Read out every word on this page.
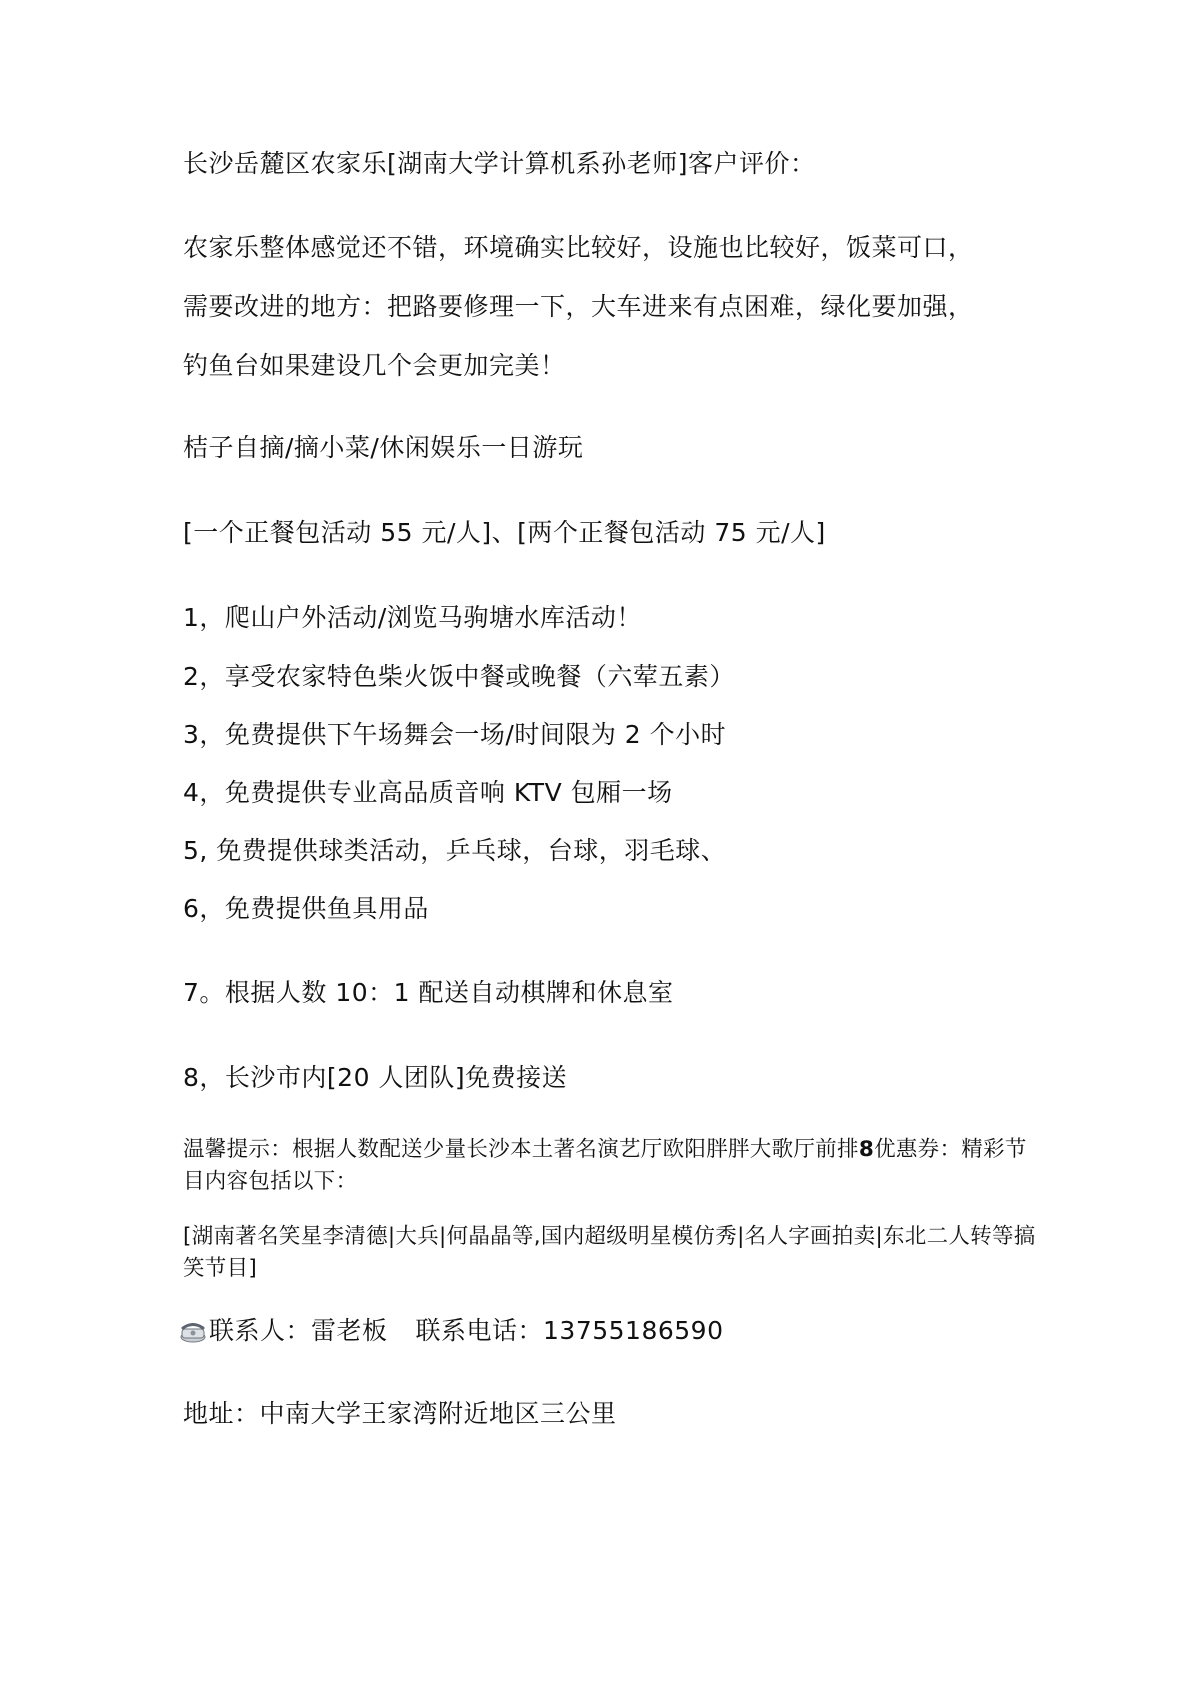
长沙岳麓区农家乐[湖南大学计算机系孙老师]客户评价：
农家乐整体感觉还不错，环境确实比较好，设施也比较好，饭菜可口，
需要改进的地方：把路要修理一下，大车进来有点困难，绿化要加强，
钓鱼台如果建设几个会更加完美！
桔子自摘/摘小菜/休闲娱乐一日游玩
[一个正餐包活动 55 元/人]、[两个正餐包活动 75 元/人]
1，爬山户外活动/浏览马驹塘水库活动！
2，享受农家特色柴火饭中餐或晚餐（六荤五素）
3，免费提供下午场舞会一场/时间限为 2 个小时
4，免费提供专业高品质音响 KTV 包厢一场
5, 免费提供球类活动，乒乓球，台球，羽毛球、
6，免费提供鱼具用品
7。根据人数 10：1 配送自动棋牌和休息室
8，长沙市内[20 人团队]免费接送
温馨提示：根据人数配送少量长沙本土著名演艺厅欧阳胖胖大歌厅前排8优惠券：精彩节目内容包括以下：
[湖南著名笑星李清德|大兵|何晶晶等,国内超级明星模仿秀|名人字画拍卖|东北二人转等搞笑节目]
联系人：雷老板 联系电话：13755186590
地址：中南大学王家湾附近地区三公里
